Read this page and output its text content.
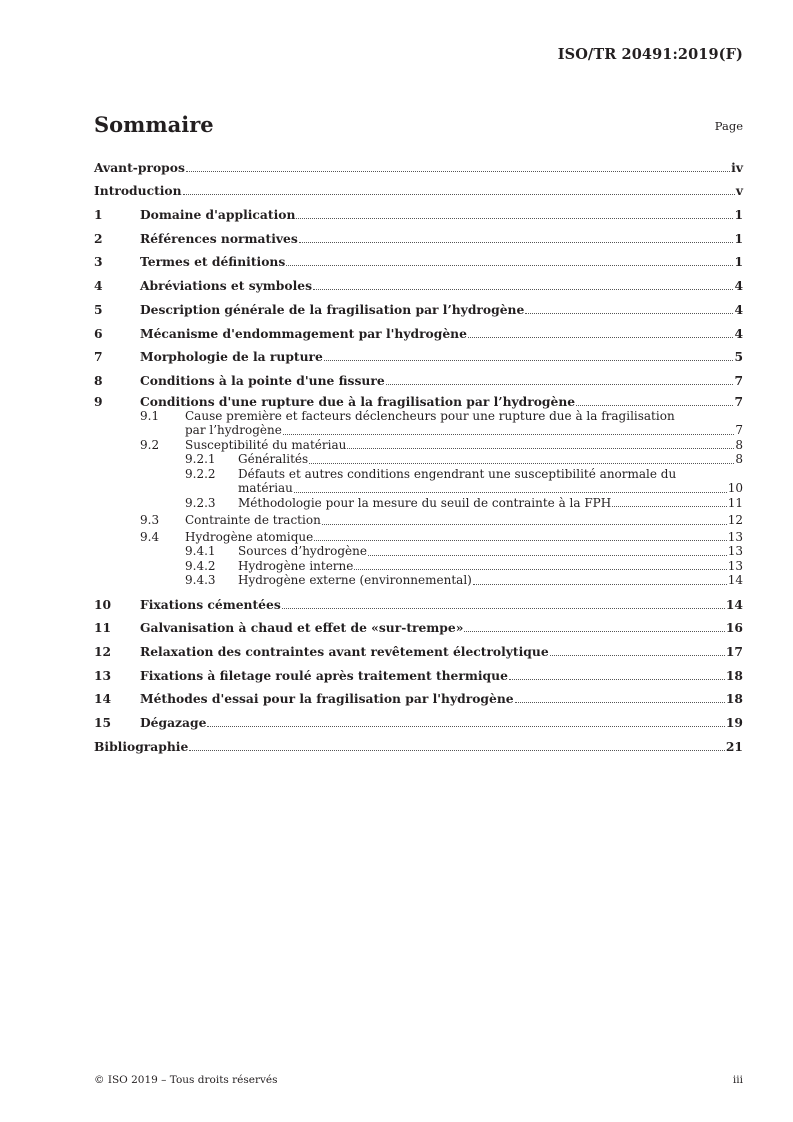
ISO/TR 20491:2019(F)
Sommaire	Page
Avant-propos	iv
Introduction	v
1	Domaine d'application	1
2	Références normatives	1
3	Termes et définitions	1
4	Abréviations et symboles	4
5	Description générale de la fragilisation par l’hydrogène	4
6	Mécanisme d'endommagement par l'hydrogène	4
7	Morphologie de la rupture	5
8	Conditions à la pointe d'une fissure	7
9	Conditions d'une rupture due à la fragilisation par l’hydrogène	7
9.1	Cause première et facteurs déclencheurs pour une rupture due à la fragilisation
par l’hydrogène	7
9.2	Susceptibilité du matériau	8
9.2.1	Généralités	8
9.2.2	Défauts et autres conditions engendrant une susceptibilité anormale du
matériau	10
9.2.3	Méthodologie pour la mesure du seuil de contrainte à la FPH	11
9.3	Contrainte de traction	12
9.4	Hydrogène atomique	13
9.4.1	Sources d’hydrogène	13
9.4.2	Hydrogène interne	13
9.4.3	Hydrogène externe (environnemental)	14
10	Fixations cémentées	14
11	Galvanisation à chaud et effet de «sur-trempe»	16
12	Relaxation des contraintes avant revêtement électrolytique	17
13	Fixations à filetage roulé après traitement thermique	18
14	Méthodes d'essai pour la fragilisation par l'hydrogène	18
15	Dégazage	19
Bibliographie	21
© ISO 2019 – Tous droits réservés	iii
